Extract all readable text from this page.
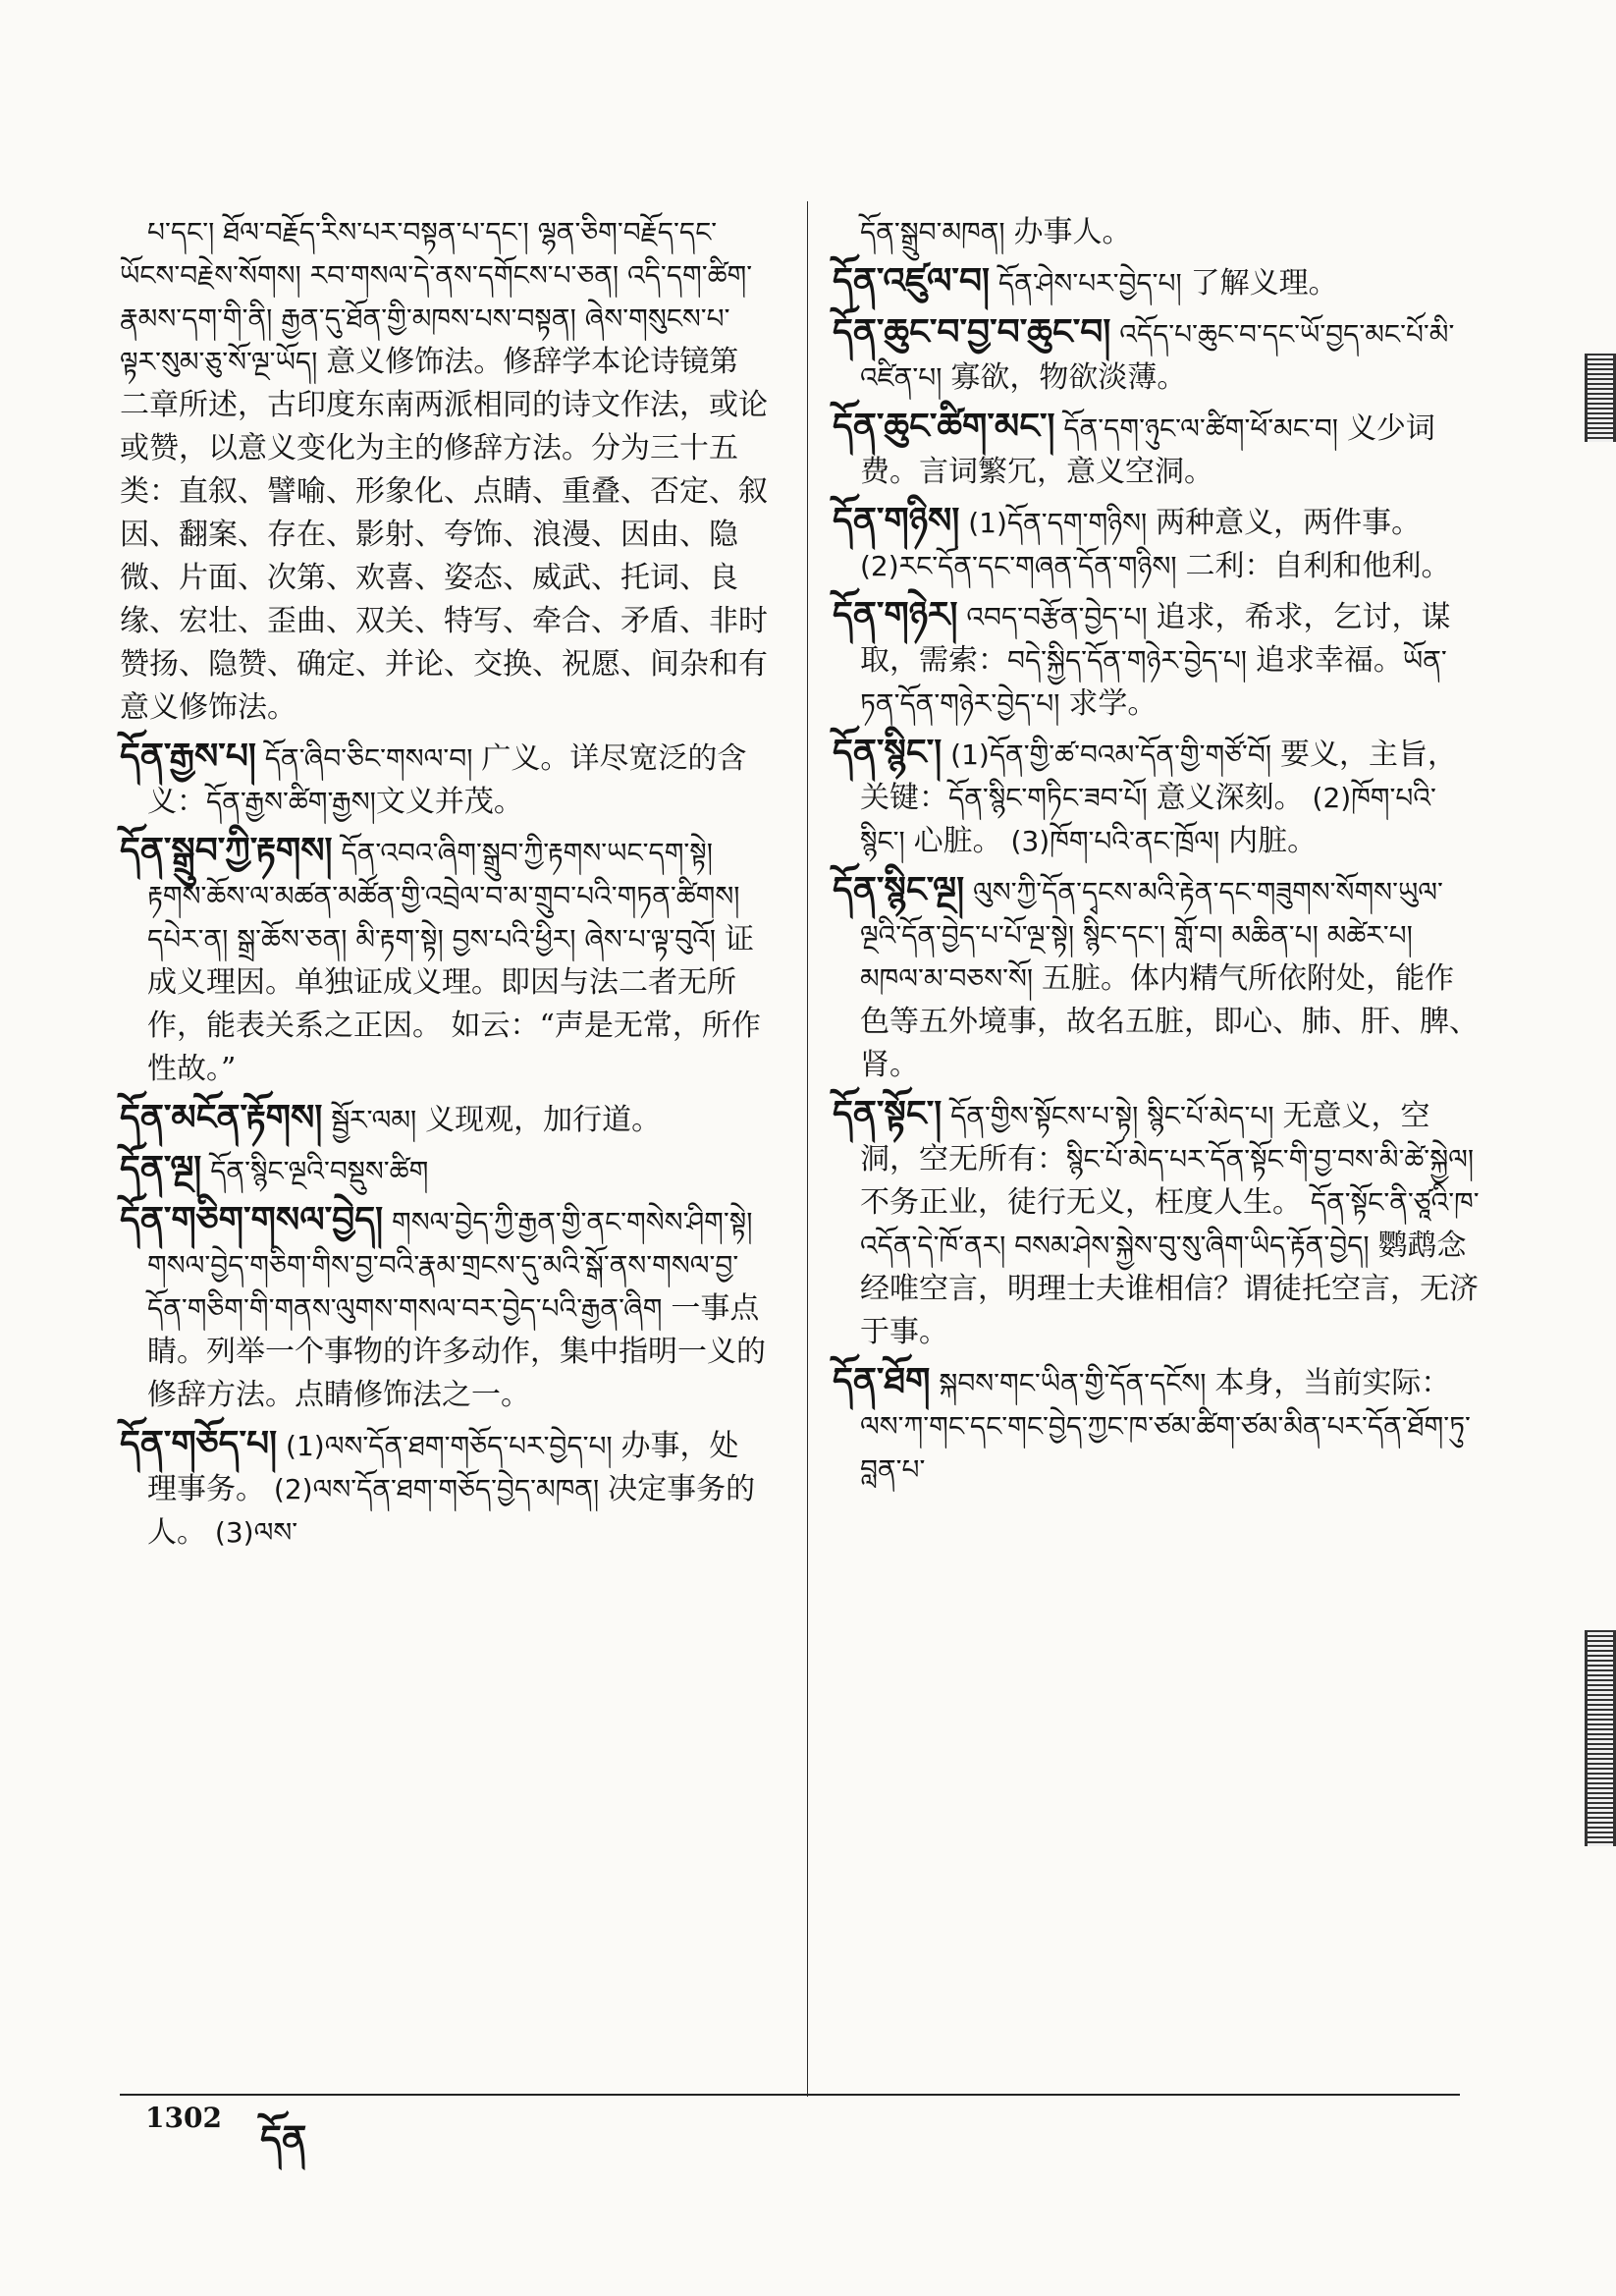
པ་དང་། ཐོལ་བརྗོད་རིས་པར་བསྟན་པ་དང་། ལྷན་ཅིག་བརྗོད་དང་ཡོངས་བརྗེས་སོགས། རབ་གསལ་དེ་ནས་དགོངས་པ་ཅན། འདི་དག་ཚིག་རྣམས་དག་གི་ནི། རྒྱན་དུ་ཐོན་གྱི་མཁས་པས་བསྟན། ཞེས་གསུངས་པ་ལྟར་སུམ་ཅུ་སོ་ལྔ་ཡོད། 意义修饰法。修辞学本论诗镜第二章所述，古印度东南两派相同的诗文作法，或论或赞，以意义变化为主的修辞方法。分为三十五类：直叙、譬喻、形象化、点睛、重叠、否定、叙因、翻案、存在、影射、夸饰、浪漫、因由、隐微、片面、次第、欢喜、姿态、威武、托词、良缘、宏壮、歪曲、双关、特写、牵合、矛盾、非时赞扬、隐赞、确定、并论、交换、祝愿、间杂和有意义修饰法。

དོན་རྒྱས་པ། དོན་ཞིབ་ཅིང་གསལ་བ། 广义。详尽宽泛的含义：དོན་རྒྱས་ཚིག་རྒྱས།文义并茂。

དོན་སྒྲུབ་ཀྱི་རྟགས། དོན་འབའ་ཞིག་སྒྲུབ་ཀྱི་རྟགས་ཡང་དག་སྟེ། རྟགས་ཆོས་ལ་མཚན་མཚོན་གྱི་འབྲེལ་བ་མ་གྲུབ་པའི་གཏན་ཚིགས། དཔེར་ན། སྒྲ་ཆོས་ཅན། མི་རྟག་སྟེ། བྱས་པའི་ཕྱིར། ཞེས་པ་ལྟ་བུའོ། 证成义理因。单独证成义理。即因与法二者无所作，能表关系之正因。 如云：“声是无常，所作性故。”

དོན་མངོན་རྟོགས། སྦྱོར་ལམ། 义现观，加行道。

དོན་ལྔ། དོན་སྙིང་ལྔའི་བསྡུས་ཚིག

དོན་གཅིག་གསལ་བྱེད། གསལ་བྱེད་ཀྱི་རྒྱན་གྱི་ནང་གསེས་ཤིག་སྟེ། གསལ་བྱེད་གཅིག་གིས་བྱ་བའི་རྣམ་གྲངས་དུ་མའི་སྒོ་ནས་གསལ་བྱ་དོན་གཅིག་གི་གནས་ལུགས་གསལ་བར་བྱེད་པའི་རྒྱན་ཞིག 一事点睛。列举一个事物的许多动作，集中指明一义的修辞方法。点睛修饰法之一。

དོན་གཅོད་པ། (1)ལས་དོན་ཐག་གཅོད་པར་བྱེད་པ། 办事，处理事务。 (2)ལས་དོན་ཐག་གཅོད་བྱེད་མཁན། 决定事务的人。 (3)ལས་

དོན་སྒྲུབ་མཁན། 办事人。

དོན་འཛུལ་བ། དོན་ཤེས་པར་བྱེད་པ། 了解义理。

དོན་ཆུང་བ་བྱ་བ་ཆུང་བ། འདོད་པ་ཆུང་བ་དང་ཡོ་བྱད་མང་པོ་མི་འཛིན་པ། 寡欲，物欲淡薄。

དོན་ཆུང་ཚིག་མང་། དོན་དག་ཉུང་ལ་ཚིག་ཕོ་མང་བ། 义少词费。言词繁冗，意义空洞。

དོན་གཉིས། (1)དོན་དག་གཉིས། 两种意义，两件事。 (2)རང་དོན་དང་གཞན་དོན་གཉིས། 二利：自利和他利。

དོན་གཉེར། འབད་བརྩོན་བྱེད་པ། 追求，希求，乞讨，谋取，需索：བདེ་སྐྱིད་དོན་གཉེར་བྱེད་པ། 追求幸福。ཡོན་ཏན་དོན་གཉེར་བྱེད་པ། 求学。

དོན་སྙིང་། (1)དོན་གྱི་ཚ་བའམ་དོན་གྱི་གཙོ་བོ། 要义，主旨，关键：དོན་སྙིང་གཏིང་ཟབ་པོ། 意义深刻。 (2)ཁོག་པའི་སྙིང་། 心脏。 (3)ཁོག་པའི་ནང་ཁྲོལ། 内脏。

དོན་སྙིང་ལྔ། ལུས་ཀྱི་དོན་དྭངས་མའི་རྟེན་དང་གཟུགས་སོགས་ཡུལ་ལྔའི་དོན་བྱེད་པ་པོ་ལྔ་སྟེ། སྙིང་དང་། གློ་བ། མཆིན་པ། མཚེར་པ། མཁལ་མ་བཅས་སོ། 五脏。体内精气所依附处，能作色等五外境事，故名五脏，即心、肺、肝、脾、肾。

དོན་སྟོང་། དོན་གྱིས་སྟོངས་པ་སྟེ། སྙིང་པོ་མེད་པ། 无意义，空洞，空无所有：སྙིང་པོ་མེད་པར་དོན་སྟོང་གི་བྱ་བས་མི་ཚེ་སྐྱེལ། 不务正业，徒行无义，枉度人生。 དོན་སྟོང་ནི་ཙཱའི་ཁ་འདོན་དེ་ཁོ་ནར། བསམ་ཤེས་སྐྱེས་བུ་སུ་ཞིག་ཡིད་རྟོན་བྱེད། 鹦鹉念经唯空言，明理士夫谁相信？谓徒托空言，无济于事。

དོན་ཐོག སྐབས་གང་ཡིན་གྱི་དོན་དངོས། 本身，当前实际：ལས་ཀ་གང་དང་གང་བྱེད་ཀྱང་ཁ་ཙམ་ཚིག་ཙམ་མིན་པར་དོན་ཐོག་ཏུ་བླན་པ་

1302 དོན
